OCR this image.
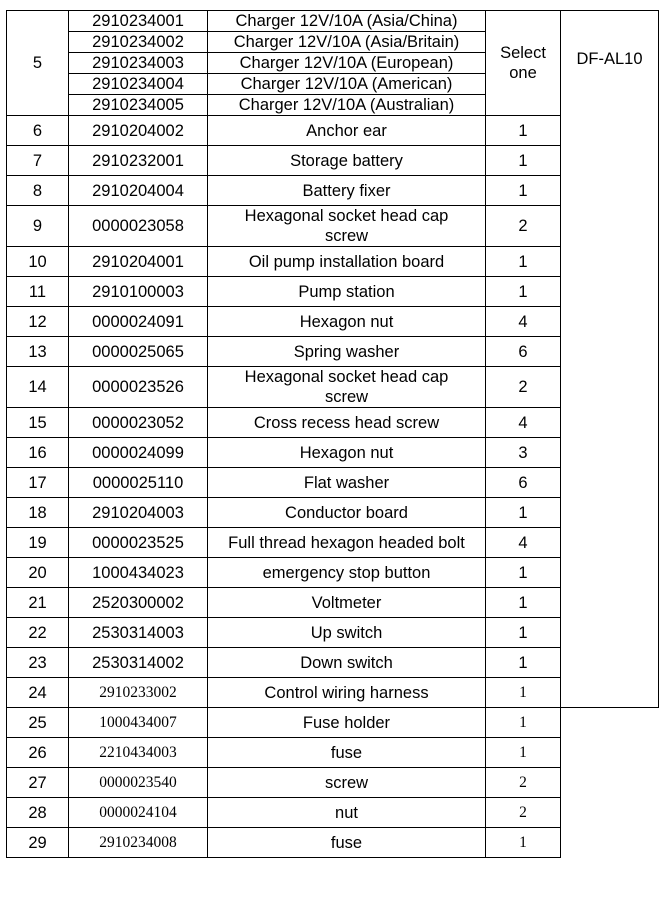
5	2910234001	Charger 12V/10A (Asia/China)	Select one	DF-AL10
	2910234002	Charger 12V/10A (Asia/Britain)		
	2910234003	Charger 12V/10A (European)		
	2910234004	Charger 12V/10A (American)		
	2910234005	Charger 12V/10A (Australian)		
6	2910204002	Anchor ear	1	
7	2910232001	Storage battery	1	
8	2910204004	Battery fixer	1	
9	0000023058	Hexagonal socket head cap screw	2	
10	2910204001	Oil pump installation board	1	
11	2910100003	Pump station	1	
12	0000024091	Hexagon nut	4	
13	0000025065	Spring washer	6	
14	0000023526	Hexagonal socket head cap screw	2	
15	0000023052	Cross recess head screw	4	
16	0000024099	Hexagon nut	3	
17	0000025110	Flat washer	6	
18	2910204003	Conductor board	1	
19	0000023525	Full thread hexagon headed bolt	4	
20	1000434023	emergency stop button	1	
21	2520300002	Voltmeter	1	
22	2530314003	Up switch	1	
23	2530314002	Down switch	1	
24	2910233002	Control wiring harness	1	
25	1000434007	Fuse holder	1	
26	2210434003	fuse	1	
27	0000023540	screw	2	
28	0000024104	nut	2	
29	2910234008	fuse	1	
